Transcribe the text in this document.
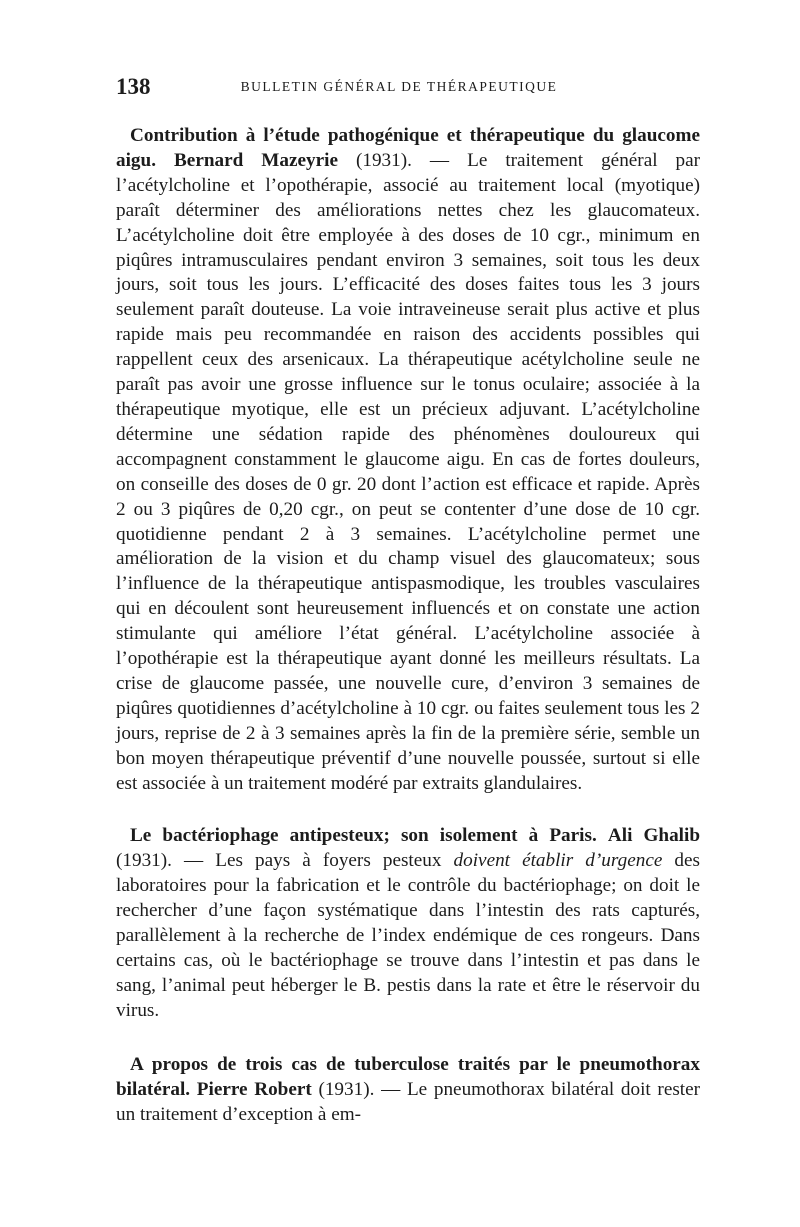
138	BULLETIN GÉNÉRAL DE THÉRAPEUTIQUE

Contribution à l’étude pathogénique et thérapeutique du glaucome aigu. Bernard Mazeyrie (1931). — Le traitement général par l’acétylcholine et l’opothérapie, associé au traitement local (myotique) paraît déterminer des améliorations nettes chez les glaucomateux. L’acétylcholine doit être employée à des doses de 10 cgr., minimum en piqûres intramusculaires pendant environ 3 semaines, soit tous les deux jours, soit tous les jours. L’efficacité des doses faites tous les 3 jours seulement paraît douteuse. La voie intraveineuse serait plus active et plus rapide mais peu recommandée en raison des accidents possibles qui rappellent ceux des arsenicaux. La thérapeutique acétylcholine seule ne paraît pas avoir une grosse influence sur le tonus oculaire; associée à la thérapeutique myotique, elle est un précieux adjuvant. L’acétylcholine détermine une sédation rapide des phénomènes douloureux qui accompagnent constamment le glaucome aigu. En cas de fortes douleurs, on conseille des doses de 0 gr. 20 dont l’action est efficace et rapide. Après 2 ou 3 piqûres de 0,20 cgr., on peut se contenter d’une dose de 10 cgr. quotidienne pendant 2 à 3 semaines. L’acétylcholine permet une amélioration de la vision et du champ visuel des glaucomateux; sous l’influence de la thérapeutique antispasmodique, les troubles vasculaires qui en découlent sont heureusement influencés et on constate une action stimulante qui améliore l’état général. L’acétylcholine associée à l’opothérapie est la thérapeutique ayant donné les meilleurs résultats. La crise de glaucome passée, une nouvelle cure, d’environ 3 semaines de piqûres quotidiennes d’acétylcholine à 10 cgr. ou faites seulement tous les 2 jours, reprise de 2 à 3 semaines après la fin de la première série, semble un bon moyen thérapeutique préventif d’une nouvelle poussée, surtout si elle est associée à un traitement modéré par extraits glandulaires.

Le bactériophage antipesteux; son isolement à Paris. Ali Ghalib (1931). — Les pays à foyers pesteux doivent établir d’urgence des laboratoires pour la fabrication et le contrôle du bactériophage; on doit le rechercher d’une façon systématique dans l’intestin des rats capturés, parallèlement à la recherche de l’index endémique de ces rongeurs. Dans certains cas, où le bactériophage se trouve dans l’intestin et pas dans le sang, l’animal peut héberger le B. pestis dans la rate et être le réservoir du virus.

A propos de trois cas de tuberculose traités par le pneumothorax bilatéral. Pierre Robert (1931). — Le pneumothorax bilatéral doit rester un traitement d’exception à em-
